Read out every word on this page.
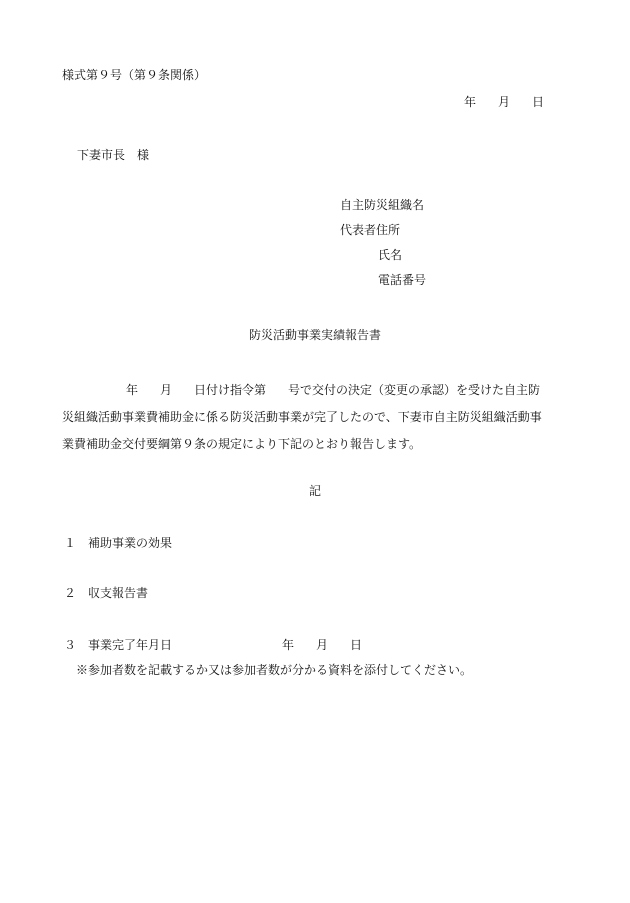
様式第９号（第９条関係）
年 月 日
下妻市長　様
自主防災組織名
代表者住所
氏名
電話番号
防災活動事業実績報告書
年 月 日付け指令第 号で交付の決定（変更の承認）を受けた自主防
災組織活動事業費補助金に係る防災活動事業が完了したので、下妻市自主防災組織活動事
業費補助金交付要綱第９条の規定により下記のとおり報告します。
記
１ 補助事業の効果
２ 収支報告書
３ 事業完了年月日	年 月 日
※参加者数を記載するか又は参加者数が分かる資料を添付してください。
